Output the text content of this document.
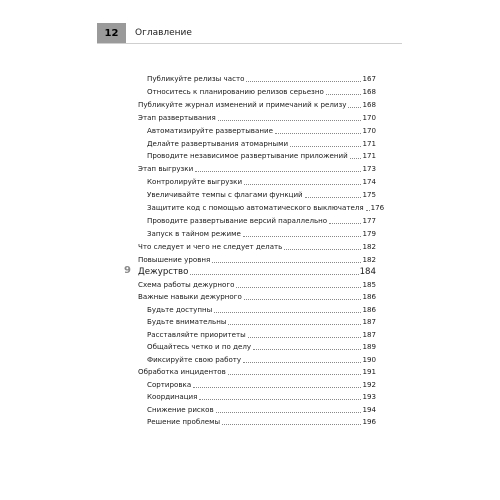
12 Оглавление
Публикуйте релизы часто	167
Относитесь к планированию релизов серьезно	168
Публикуйте журнал изменений и примечаний к релизу 168
Этап развертывания	170
Автоматизируйте развертывание	170
Делайте развертывания атомарными	171
Проводите независимое развертывание приложений 171
Этап выгрузки	173
Контролируйте выгрузки	174
Увеличивайте темпы с флагами функций	175
Защитите код с помощью автоматического выключателя 176
Проводите развертывание версий параллельно	177
Запуск в тайном режиме	179
Что следует и чего не следует делать	182
Повышение уровня	182
9 Дежурство	184
Схема работы дежурного	185
Важные навыки дежурного	186
Будьте доступны	186
Будьте внимательны	187
Расставляйте приоритеты	187
Общайтесь четко и по делу	189
Фиксируйте свою работу	190
Обработка инцидентов	191
Сортировка	192
Координация	193
Снижение рисков	194
Решение проблемы	196
